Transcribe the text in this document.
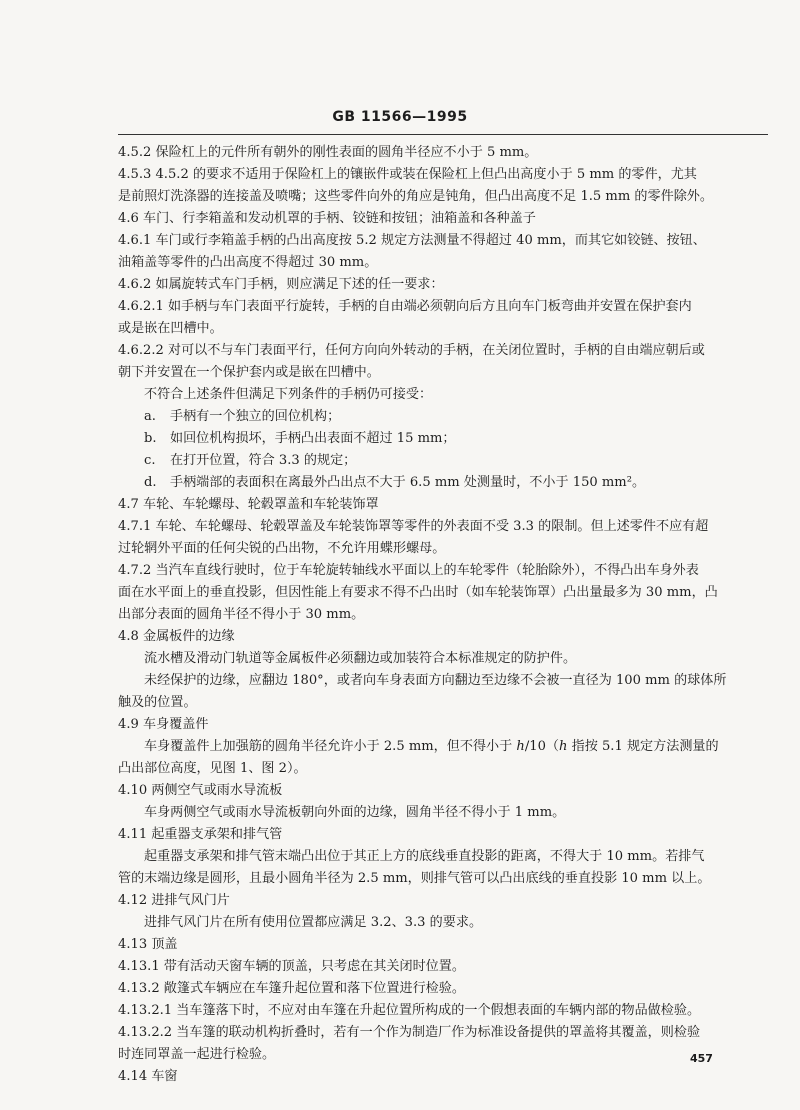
GB 11566—1995
4.5.2 保险杠上的元件所有朝外的刚性表面的圆角半径应不小于 5 mm。
4.5.3 4.5.2 的要求不适用于保险杠上的镶嵌件或装在保险杠上但凸出高度小于 5 mm 的零件，尤其
是前照灯洗涤器的连接盖及喷嘴；这些零件向外的角应是钝角，但凸出高度不足 1.5 mm 的零件除外。
4.6 车门、行李箱盖和发动机罩的手柄、铰链和按钮；油箱盖和各种盖子
4.6.1 车门或行李箱盖手柄的凸出高度按 5.2 规定方法测量不得超过 40 mm，而其它如铰链、按钮、
油箱盖等零件的凸出高度不得超过 30 mm。
4.6.2 如属旋转式车门手柄，则应满足下述的任一要求：
4.6.2.1 如手柄与车门表面平行旋转，手柄的自由端必须朝向后方且向车门板弯曲并安置在保护套内
或是嵌在凹槽中。
4.6.2.2 对可以不与车门表面平行，任何方向向外转动的手柄，在关闭位置时，手柄的自由端应朝后或
朝下并安置在一个保护套内或是嵌在凹槽中。
不符合上述条件但满足下列条件的手柄仍可接受：
a. 手柄有一个独立的回位机构；
b. 如回位机构损坏，手柄凸出表面不超过 15 mm；
c. 在打开位置，符合 3.3 的规定；
d. 手柄端部的表面积在离最外凸出点不大于 6.5 mm 处测量时，不小于 150 mm²。
4.7 车轮、车轮螺母、轮毂罩盖和车轮装饰罩
4.7.1 车轮、车轮螺母、轮毂罩盖及车轮装饰罩等零件的外表面不受 3.3 的限制。但上述零件不应有超
过轮辋外平面的任何尖锐的凸出物，不允许用蝶形螺母。
4.7.2 当汽车直线行驶时，位于车轮旋转轴线水平面以上的车轮零件（轮胎除外），不得凸出车身外表
面在水平面上的垂直投影，但因性能上有要求不得不凸出时（如车轮装饰罩）凸出量最多为 30 mm，凸
出部分表面的圆角半径不得小于 30 mm。
4.8 金属板件的边缘
流水槽及滑动门轨道等金属板件必须翻边或加装符合本标准规定的防护件。
未经保护的边缘，应翻边 180°，或者向车身表面方向翻边至边缘不会被一直径为 100 mm 的球体所
触及的位置。
4.9 车身覆盖件
车身覆盖件上加强筋的圆角半径允许小于 2.5 mm，但不得小于 h/10（h 指按 5.1 规定方法测量的
凸出部位高度，见图 1、图 2）。
4.10 两侧空气或雨水导流板
车身两侧空气或雨水导流板朝向外面的边缘，圆角半径不得小于 1 mm。
4.11 起重器支承架和排气管
起重器支承架和排气管末端凸出位于其正上方的底线垂直投影的距离，不得大于 10 mm。若排气
管的末端边缘是圆形，且最小圆角半径为 2.5 mm，则排气管可以凸出底线的垂直投影 10 mm 以上。
4.12 进排气风门片
进排气风门片在所有使用位置都应满足 3.2、3.3 的要求。
4.13 顶盖
4.13.1 带有活动天窗车辆的顶盖，只考虑在其关闭时位置。
4.13.2 敞篷式车辆应在车篷升起位置和落下位置进行检验。
4.13.2.1 当车篷落下时，不应对由车篷在升起位置所构成的一个假想表面的车辆内部的物品做检验。
4.13.2.2 当车篷的联动机构折叠时，若有一个作为制造厂作为标准设备提供的罩盖将其覆盖，则检验
时连同罩盖一起进行检验。
4.14 车窗
457
